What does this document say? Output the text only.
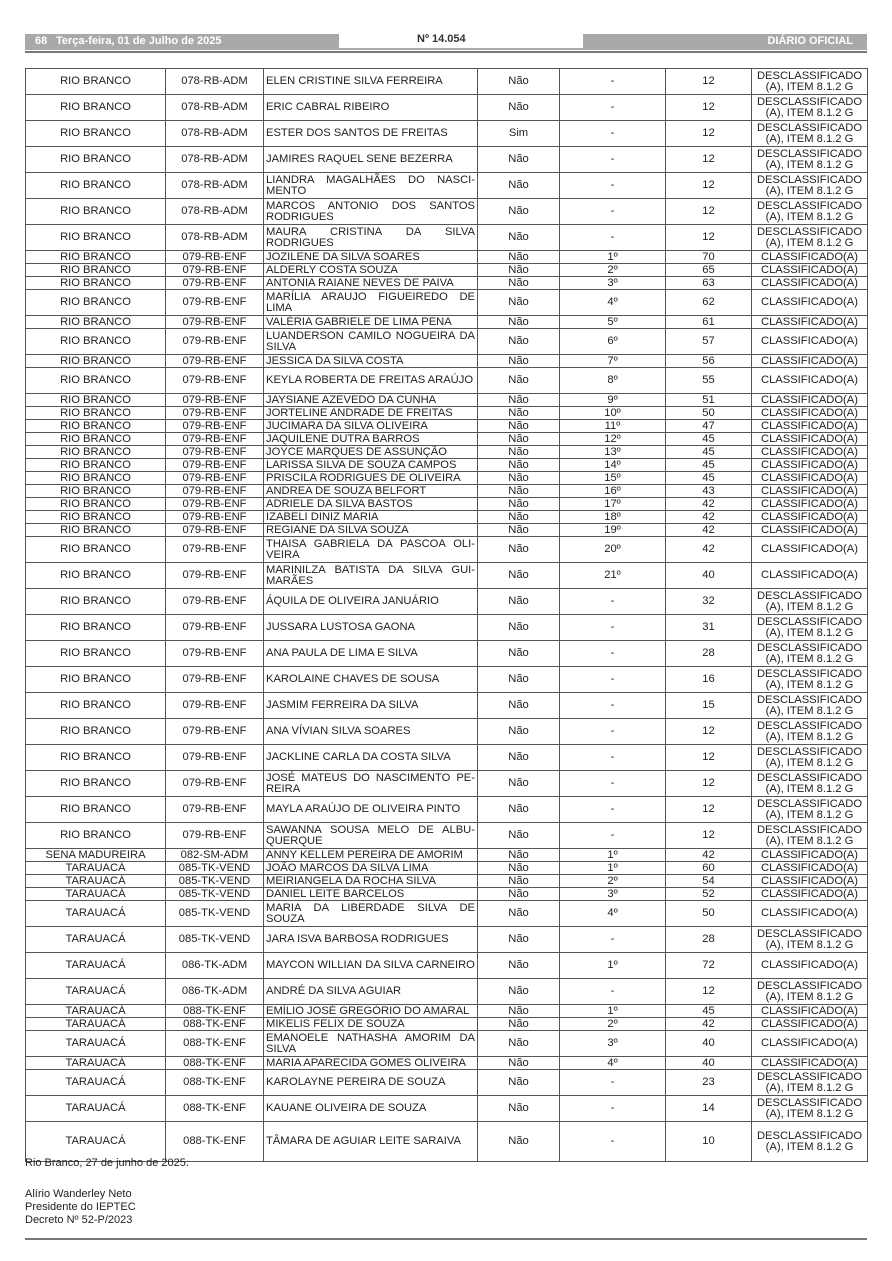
68 Terça-feira, 01 de Julho de 2025	Nº 14.054	DIÁRIO OFICIAL
RIO BRANCO	078-RB-ADM	ELEN CRISTINE SILVA FERREIRA	Não	-	12	DESCLASSIFICADO (A), ITEM 8.1.2 G
RIO BRANCO	078-RB-ADM	ERIC CABRAL RIBEIRO	Não	-	12	DESCLASSIFICADO (A), ITEM 8.1.2 G
RIO BRANCO	078-RB-ADM	ESTER DOS SANTOS DE FREITAS	Sim	-	12	DESCLASSIFICADO (A), ITEM 8.1.2 G
RIO BRANCO	078-RB-ADM	JAMIRES RAQUEL SENE BEZERRA	Não	-	12	DESCLASSIFICADO (A), ITEM 8.1.2 G
RIO BRANCO	078-RB-ADM	LIANDRA MAGALHÃES DO NASCI-MENTO	Não	-	12	DESCLASSIFICADO (A), ITEM 8.1.2 G
RIO BRANCO	078-RB-ADM	MARCOS ANTONIO DOS SANTOS RODRIGUES	Não	-	12	DESCLASSIFICADO (A), ITEM 8.1.2 G
RIO BRANCO	078-RB-ADM	MAURA CRISTINA DA SILVA RODRIGUES	Não	-	12	DESCLASSIFICADO (A), ITEM 8.1.2 G
RIO BRANCO	079-RB-ENF	JOZILENE DA SILVA SOARES	Não	1º	70	CLASSIFICADO(A)
RIO BRANCO	079-RB-ENF	ALDERLY COSTA SOUZA	Não	2º	65	CLASSIFICADO(A)
RIO BRANCO	079-RB-ENF	ANTONIA RAIANE NEVES DE PAIVA	Não	3º	63	CLASSIFICADO(A)
RIO BRANCO	079-RB-ENF	MARÍLIA ARAUJO FIGUEIREDO DE LIMA	Não	4º	62	CLASSIFICADO(A)
RIO BRANCO	079-RB-ENF	VALÉRIA GABRIELE DE LIMA PENA	Não	5º	61	CLASSIFICADO(A)
RIO BRANCO	079-RB-ENF	LUANDERSON CAMILO NOGUEIRA DA SILVA	Não	6º	57	CLASSIFICADO(A)
RIO BRANCO	079-RB-ENF	JESSICA DA SILVA COSTA	Não	7º	56	CLASSIFICADO(A)
RIO BRANCO	079-RB-ENF	KEYLA ROBERTA DE FREITAS ARAÚJO	Não	8º	55	CLASSIFICADO(A)
RIO BRANCO	079-RB-ENF	JAYSIANE AZEVEDO DA CUNHA	Não	9º	51	CLASSIFICADO(A)
RIO BRANCO	079-RB-ENF	JORTELINE ANDRADE DE FREITAS	Não	10º	50	CLASSIFICADO(A)
RIO BRANCO	079-RB-ENF	JUCIMARA DA SILVA OLIVEIRA	Não	11º	47	CLASSIFICADO(A)
RIO BRANCO	079-RB-ENF	JAQUILENE DUTRA BARROS	Não	12º	45	CLASSIFICADO(A)
RIO BRANCO	079-RB-ENF	JOYCE MARQUES DE ASSUNÇÃO	Não	13º	45	CLASSIFICADO(A)
RIO BRANCO	079-RB-ENF	LARISSA SILVA DE SOUZA CAMPOS	Não	14º	45	CLASSIFICADO(A)
RIO BRANCO	079-RB-ENF	PRISCILA RODRIGUES DE OLIVEIRA	Não	15º	45	CLASSIFICADO(A)
RIO BRANCO	079-RB-ENF	ANDREA DE SOUZA BELFORT	Não	16º	43	CLASSIFICADO(A)
RIO BRANCO	079-RB-ENF	ADRIELE DA SILVA BASTOS	Não	17º	42	CLASSIFICADO(A)
RIO BRANCO	079-RB-ENF	IZABELI DINIZ MARIA	Não	18º	42	CLASSIFICADO(A)
RIO BRANCO	079-RB-ENF	REGIANE DA SILVA SOUZA	Não	19º	42	CLASSIFICADO(A)
RIO BRANCO	079-RB-ENF	THAISA GABRIELA DA PASCOA OLI-VEIRA	Não	20º	42	CLASSIFICADO(A)
RIO BRANCO	079-RB-ENF	MARINILZA BATISTA DA SILVA GUI-MARÃES	Não	21º	40	CLASSIFICADO(A)
RIO BRANCO	079-RB-ENF	ÁQUILA DE OLIVEIRA JANUÁRIO	Não	-	32	DESCLASSIFICADO (A), ITEM 8.1.2 G
RIO BRANCO	079-RB-ENF	JUSSARA LUSTOSA GAONA	Não	-	31	DESCLASSIFICADO (A), ITEM 8.1.2 G
RIO BRANCO	079-RB-ENF	ANA PAULA DE LIMA E SILVA	Não	-	28	DESCLASSIFICADO (A), ITEM 8.1.2 G
RIO BRANCO	079-RB-ENF	KAROLAINE CHAVES DE SOUSA	Não	-	16	DESCLASSIFICADO (A), ITEM 8.1.2 G
RIO BRANCO	079-RB-ENF	JASMIM FERREIRA DA SILVA	Não	-	15	DESCLASSIFICADO (A), ITEM 8.1.2 G
RIO BRANCO	079-RB-ENF	ANA VÍVIAN SILVA SOARES	Não	-	12	DESCLASSIFICADO (A), ITEM 8.1.2 G
RIO BRANCO	079-RB-ENF	JACKLINE CARLA DA COSTA SILVA	Não	-	12	DESCLASSIFICADO (A), ITEM 8.1.2 G
RIO BRANCO	079-RB-ENF	JOSÉ MATEUS DO NASCIMENTO PE-REIRA	Não	-	12	DESCLASSIFICADO (A), ITEM 8.1.2 G
RIO BRANCO	079-RB-ENF	MAYLA ARAÚJO DE OLIVEIRA PINTO	Não	-	12	DESCLASSIFICADO (A), ITEM 8.1.2 G
RIO BRANCO	079-RB-ENF	SAWANNA SOUSA MELO DE ALBU-QUERQUE	Não	-	12	DESCLASSIFICADO (A), ITEM 8.1.2 G
SENA MADUREIRA	082-SM-ADM	ANNY KELLEM PEREIRA DE AMORIM	Não	1º	42	CLASSIFICADO(A)
TARAUACÁ	085-TK-VEND	JOÃO MARCOS DA SILVA LIMA	Não	1º	60	CLASSIFICADO(A)
TARAUACÁ	085-TK-VEND	MEIRIANGELA DA ROCHA SILVA	Não	2º	54	CLASSIFICADO(A)
TARAUACÁ	085-TK-VEND	DANIEL LEITE BARCELOS	Não	3º	52	CLASSIFICADO(A)
TARAUACÁ	085-TK-VEND	MARIA DA LIBERDADE SILVA DE SOUZA	Não	4º	50	CLASSIFICADO(A)
TARAUACÁ	085-TK-VEND	JARA ISVA BARBOSA RODRIGUES	Não	-	28	DESCLASSIFICADO (A), ITEM 8.1.2 G
TARAUACÁ	086-TK-ADM	MAYCON WILLIAN DA SILVA CARNEIRO	Não	1º	72	CLASSIFICADO(A)
TARAUACÁ	086-TK-ADM	ANDRÉ DA SILVA AGUIAR	Não	-	12	DESCLASSIFICADO (A), ITEM 8.1.2 G
TARAUACÁ	088-TK-ENF	EMÍLIO JOSÉ GREGÓRIO DO AMARAL	Não	1º	45	CLASSIFICADO(A)
TARAUACÁ	088-TK-ENF	MIKELIS FELIX DE SOUZA	Não	2º	42	CLASSIFICADO(A)
TARAUACÁ	088-TK-ENF	EMANOELE NATHASHA AMORIM DA SILVA	Não	3º	40	CLASSIFICADO(A)
TARAUACÁ	088-TK-ENF	MARIA APARECIDA GOMES OLIVEIRA	Não	4º	40	CLASSIFICADO(A)
TARAUACÁ	088-TK-ENF	KAROLAYNE PEREIRA DE SOUZA	Não	-	23	DESCLASSIFICADO (A), ITEM 8.1.2 G
TARAUACÁ	088-TK-ENF	KAUANE OLIVEIRA DE SOUZA	Não	-	14	DESCLASSIFICADO (A), ITEM 8.1.2 G
TARAUACÁ	088-TK-ENF	TÂMARA DE AGUIAR LEITE SARAIVA	Não	-	10	DESCLASSIFICADO (A), ITEM 8.1.2 G
Rio Branco, 27 de junho de 2025.
Alírio Wanderley Neto
Presidente do IEPTEC
Decreto Nº 52-P/2023
